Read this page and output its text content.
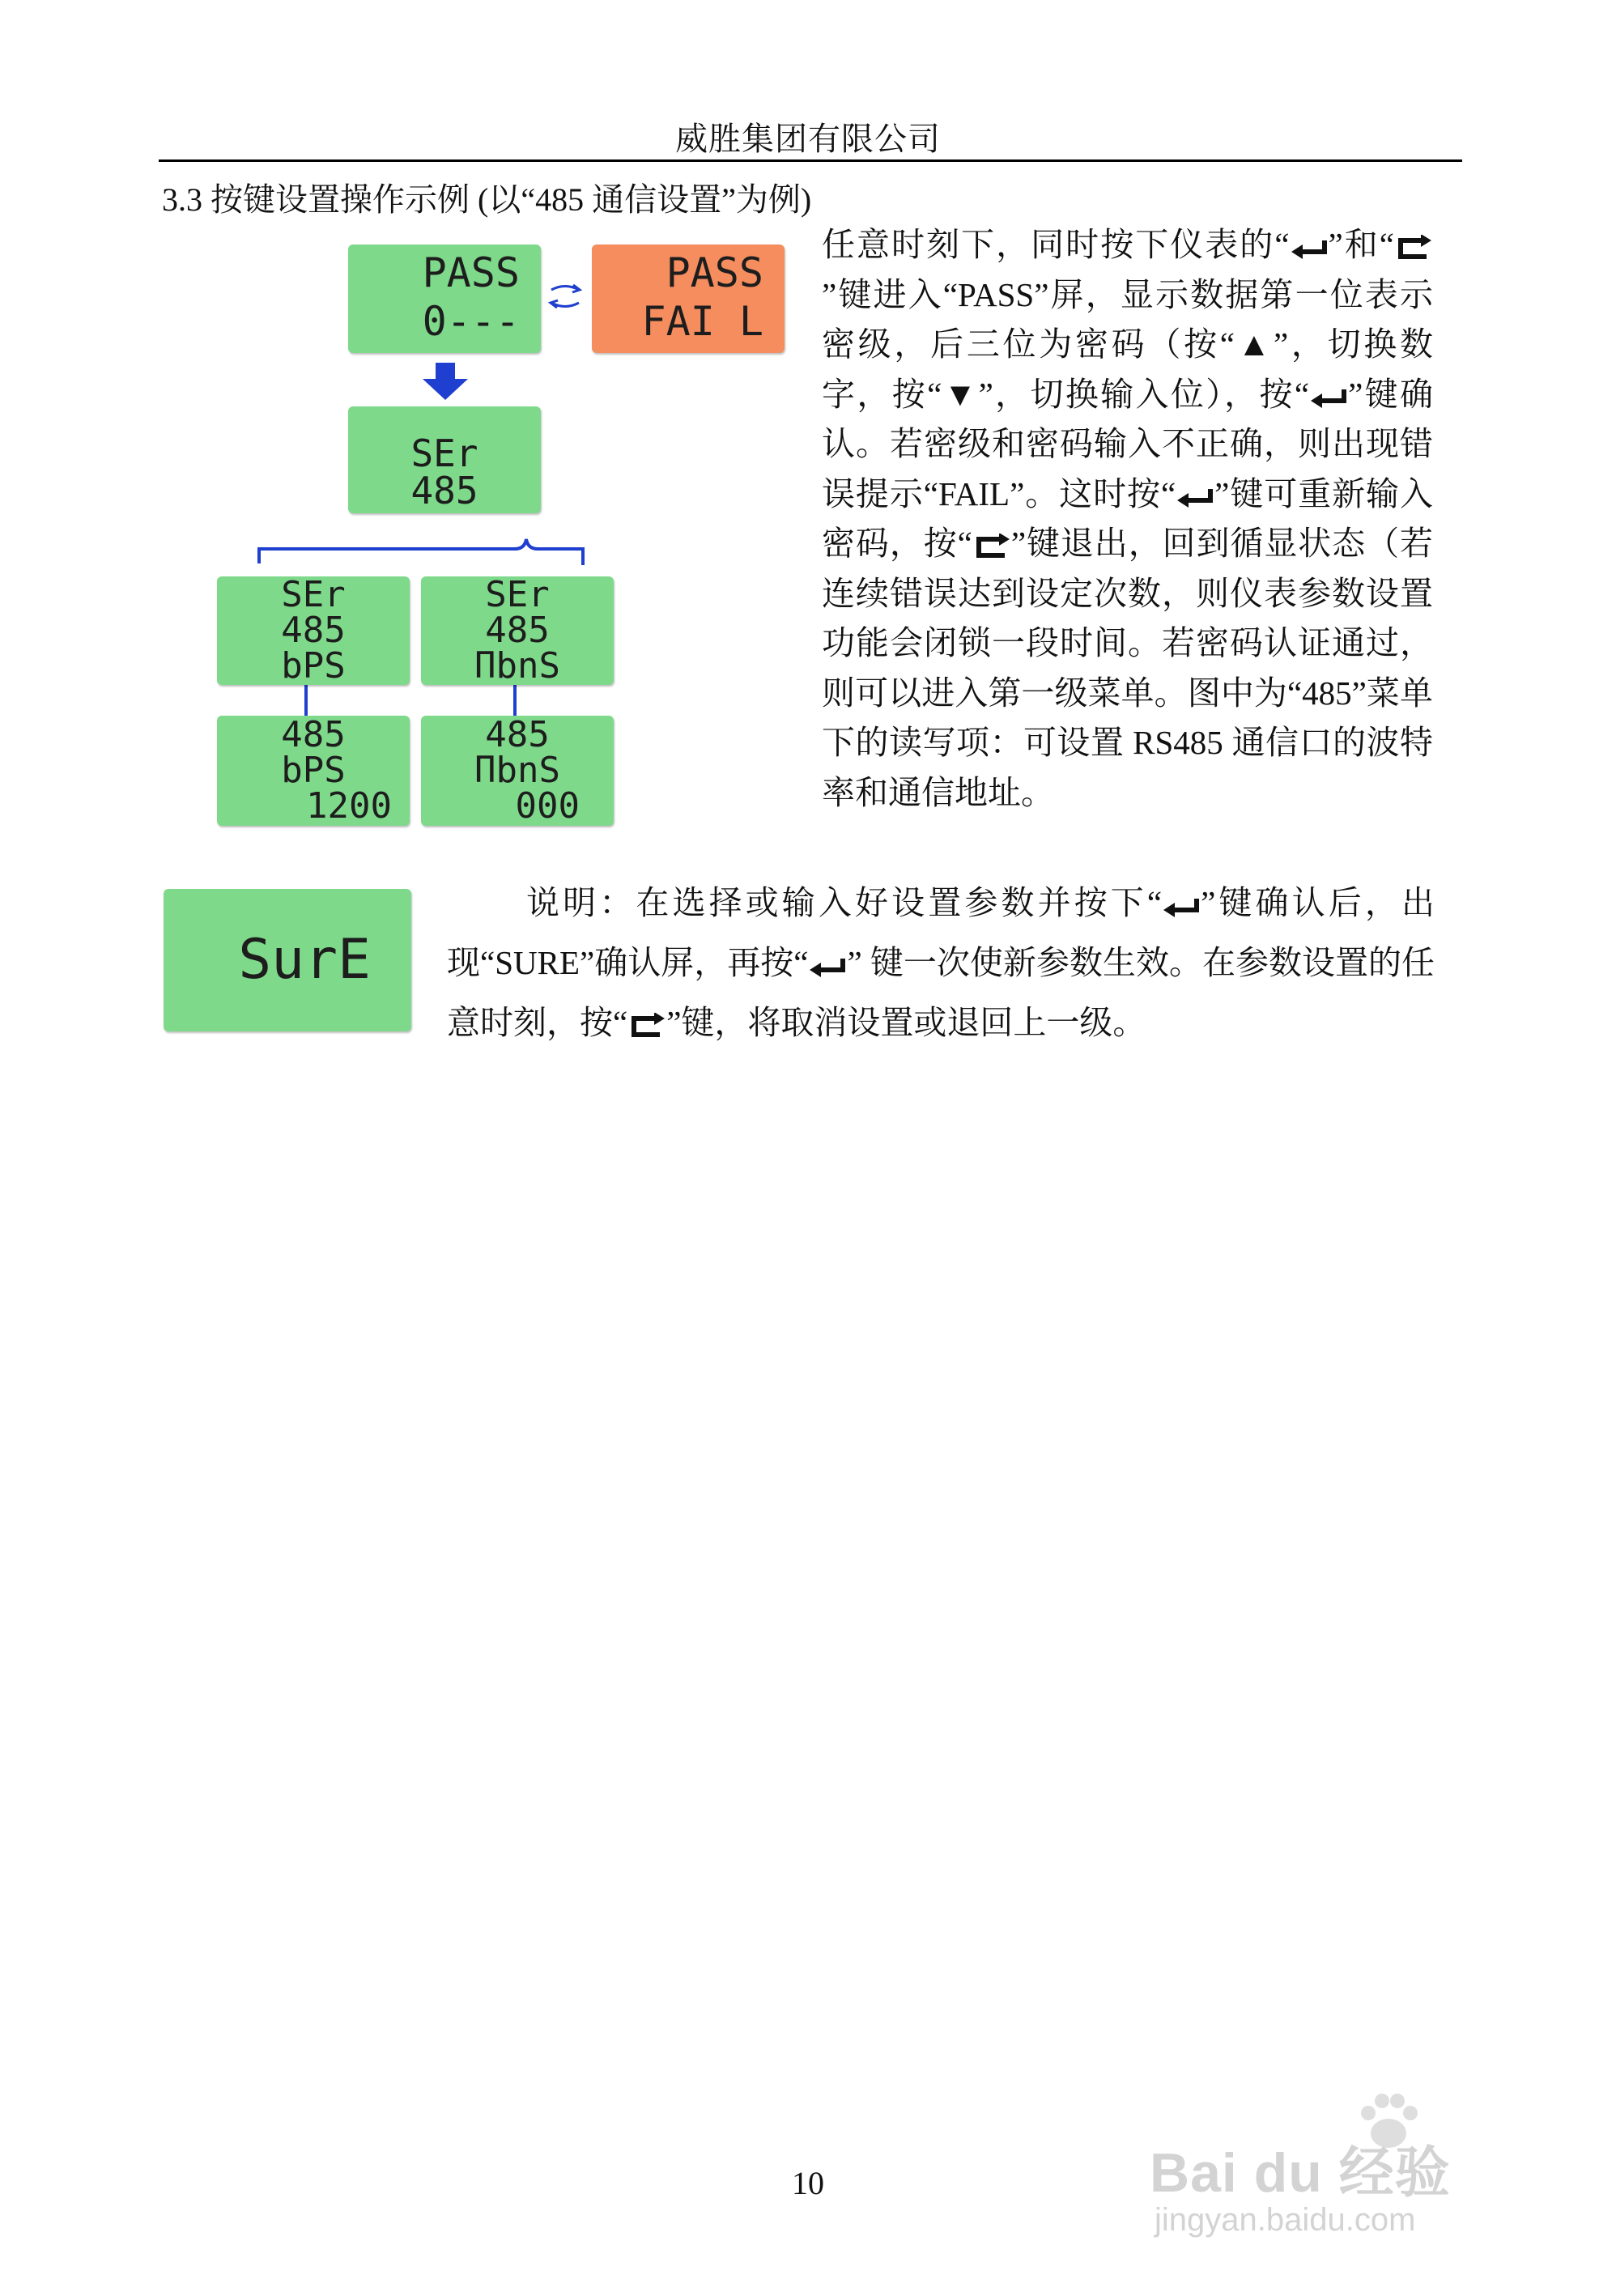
威胜集团有限公司
3.3 按键设置操作示例 (以“485 通信设置”为例)
PASS
0---
PASS
FAI L
SEr
485
SEr
485
bPS
SEr
485
ΠbnS
485
bPS
1200
485
ΠbnS
000
SurE
任意时刻下，同时按下仪表的“ ”和“”键进入“PASS”屏，显示数据第一位表示密级，后三位为密码（按“▲”，切换数字，按“▼”，切换输入位），按“ ”键确认。若密级和密码输入不正确，则出现错误提示“FAIL”。这时按“ ”键可重新输入密码，按“ ”键退出，回到循显状态（若连续错误达到设定次数，则仪表参数设置功能会闭锁一段时间。若密码认证通过，则可以进入第一级菜单。图中为“485”菜单下的读写项：可设置 RS485 通信口的波特率和通信地址。
说明：在选择或输入好设置参数并按下“ ”键确认后，出现“SURE”确认屏，再按“ ” 键一次使新参数生效。在参数设置的任意时刻，按“ ”键，将取消设置或退回上一级。
10	Bai du 经验
jingyan.baidu.com
